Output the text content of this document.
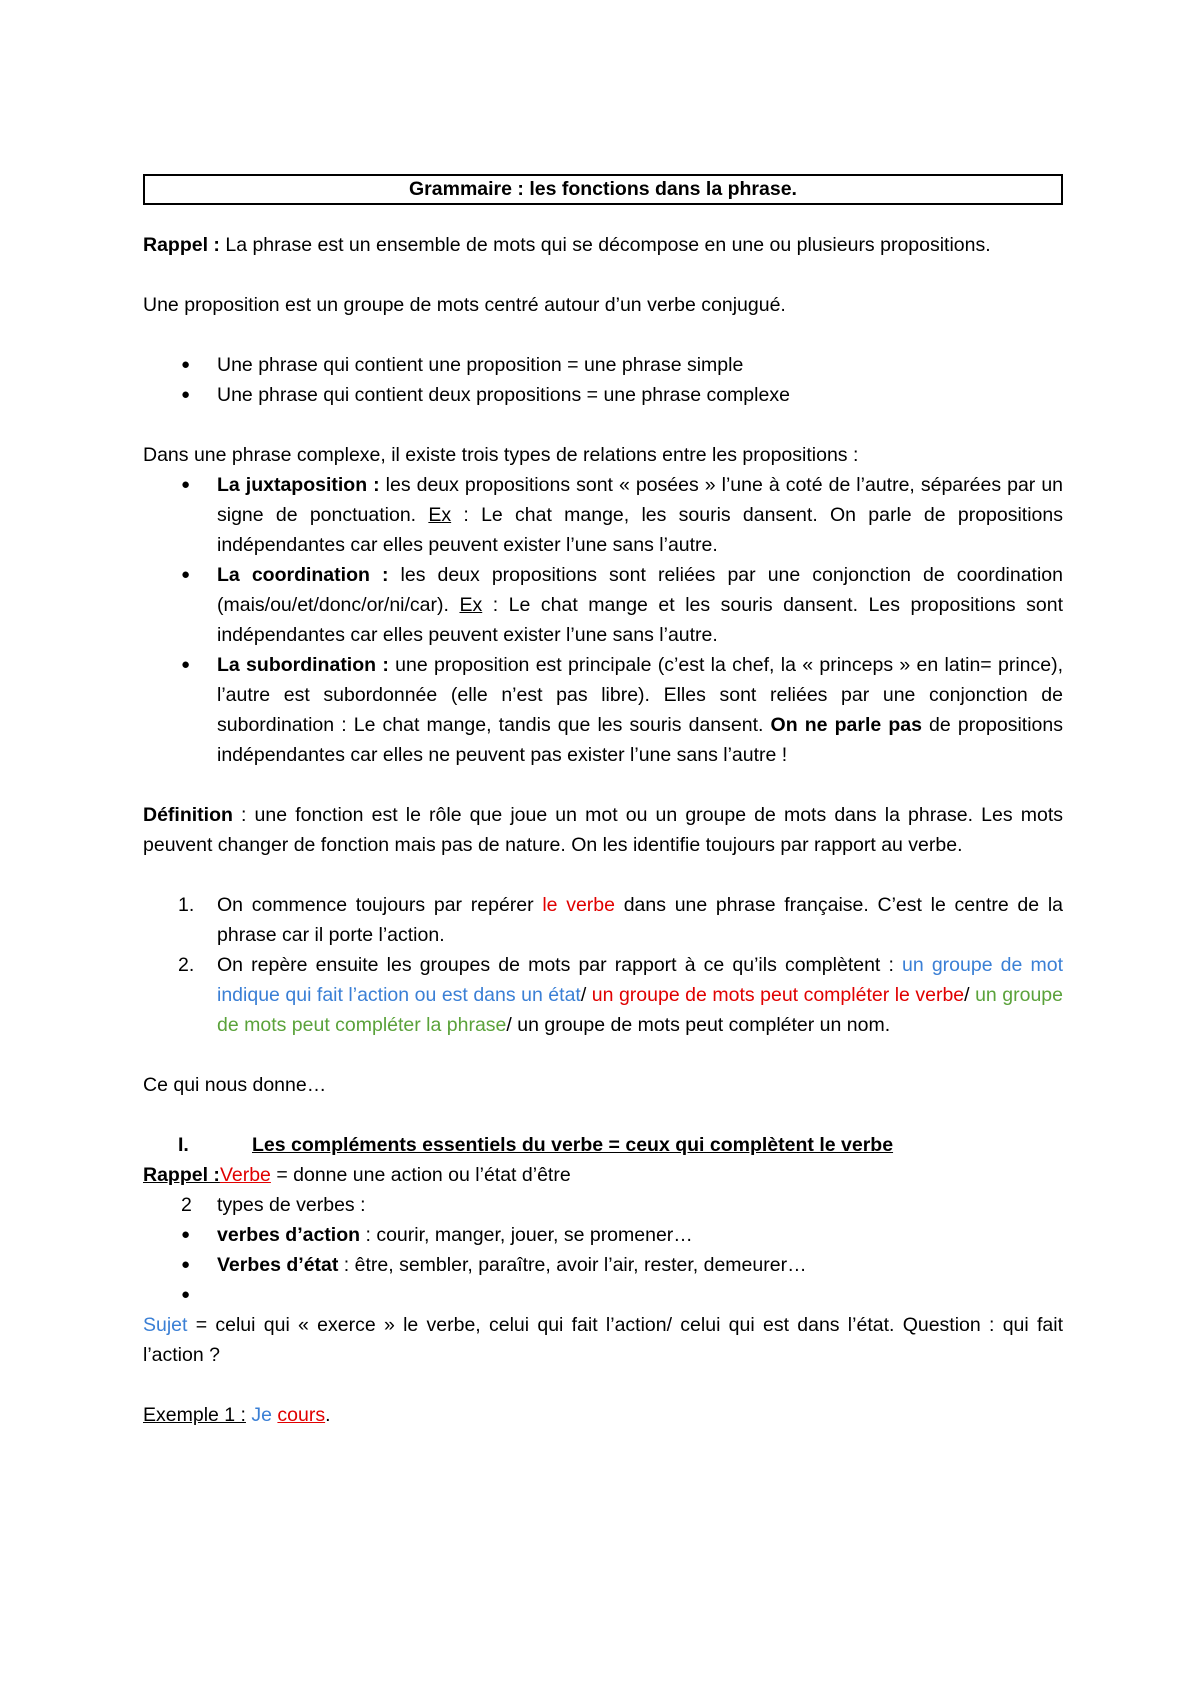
Grammaire : les fonctions dans la phrase.

Rappel : La phrase est un ensemble de mots qui se décompose en une ou plusieurs propositions.

Une proposition est un groupe de mots centré autour d’un verbe conjugué.

● Une phrase qui contient une proposition = une phrase simple
● Une phrase qui contient deux propositions = une phrase complexe

Dans une phrase complexe, il existe trois types de relations entre les propositions :

● La juxtaposition : les deux propositions sont « posées » l’une à coté de l’autre, séparées par un signe de ponctuation. Ex : Le chat mange, les souris dansent. On parle de propositions indépendantes car elles peuvent exister l’une sans l’autre.
● La coordination : les deux propositions sont reliées par une conjonction de coordination (mais/ou/et/donc/or/ni/car). Ex : Le chat mange et les souris dansent. Les propositions sont indépendantes car elles peuvent exister l’une sans l’autre.
● La subordination : une proposition est principale (c’est la chef, la « princeps » en latin= prince), l’autre est subordonnée (elle n’est pas libre). Elles sont reliées par une conjonction de subordination : Le chat mange, tandis que les souris dansent. On ne parle pas de propositions indépendantes car elles ne peuvent pas exister l’une sans l’autre !

Définition : une fonction est le rôle que joue un mot ou un groupe de mots dans la phrase. Les mots peuvent changer de fonction mais pas de nature. On les identifie toujours par rapport au verbe.

1. On commence toujours par repérer le verbe dans une phrase française. C’est le centre de la phrase car il porte l’action.
2. On repère ensuite les groupes de mots par rapport à ce qu’ils complètent : un groupe de mot indique qui fait l’action ou est dans un état/ un groupe de mots peut compléter le verbe/ un groupe de mots peut compléter la phrase/ un groupe de mots peut compléter un nom.

Ce qui nous donne…

I.	Les compléments essentiels du verbe = ceux qui complètent le verbe

Rappel :Verbe = donne une action ou l’état d’être

2 types de verbes :

● verbes d’action : courir, manger, jouer, se promener…
● Verbes d’état : être, sembler, paraître, avoir l’air, rester, demeurer…
●

Sujet = celui qui « exerce » le verbe, celui qui fait l’action/ celui qui est dans l’état. Question : qui fait l’action ?

Exemple 1 : Je cours.
